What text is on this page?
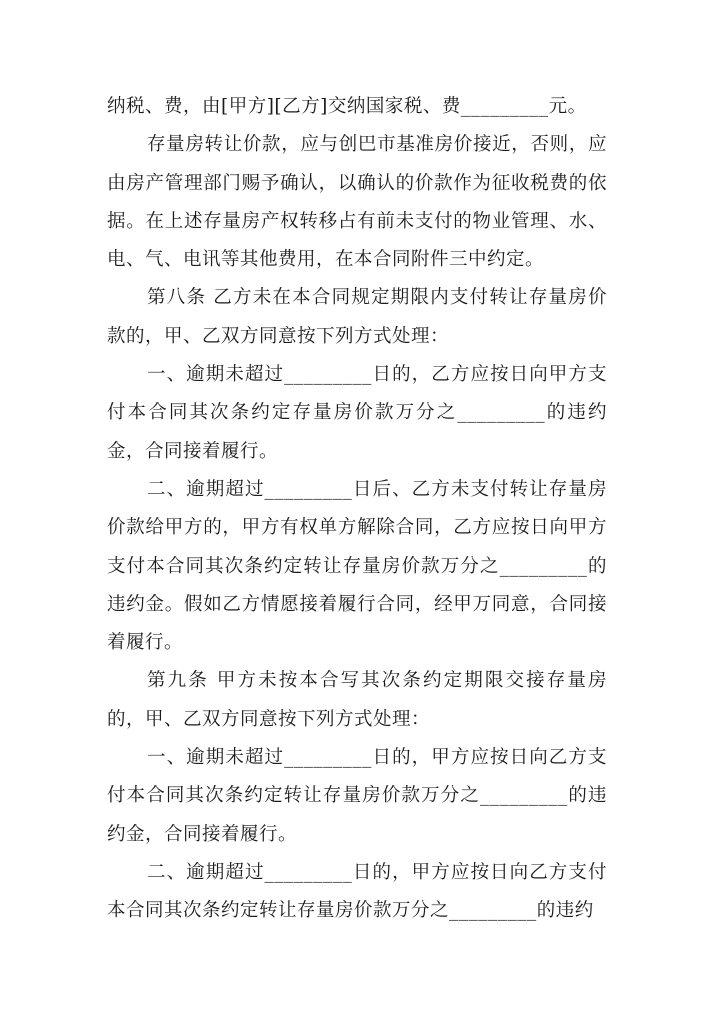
纳税、费，由[甲方][乙方]交纳国家税、费_________元。

存量房转让价款，应与创巴市基准房价接近，否则，应由房产管理部门赐予确认，以确认的价款作为征收税费的依据。在上述存量房产权转移占有前未支付的物业管理、水、电、气、电讯等其他费用，在本合同附件三中约定。

第八条 乙方未在本合同规定期限内支付转让存量房价款的，甲、乙双方同意按下列方式处理：

一、逾期未超过_________日的，乙方应按日向甲方支付本合同其次条约定存量房价款万分之_________的违约金，合同接着履行。

二、逾期超过_________日后、乙方未支付转让存量房价款给甲方的，甲方有权单方解除合同，乙方应按日向甲方支付本合同其次条约定转让存量房价款万分之_________的违约金。假如乙方情愿接着履行合同，经甲万同意，合同接着履行。

第九条 甲方未按本合写其次条约定期限交接存量房的，甲、乙双方同意按下列方式处理：

一、逾期未超过_________日的，甲方应按日向乙方支付本合同其次条约定转让存量房价款万分之_________的违约金，合同接着履行。

二、逾期超过_________日的，甲方应按日向乙方支付本合同其次条约定转让存量房价款万分之_________的违约
